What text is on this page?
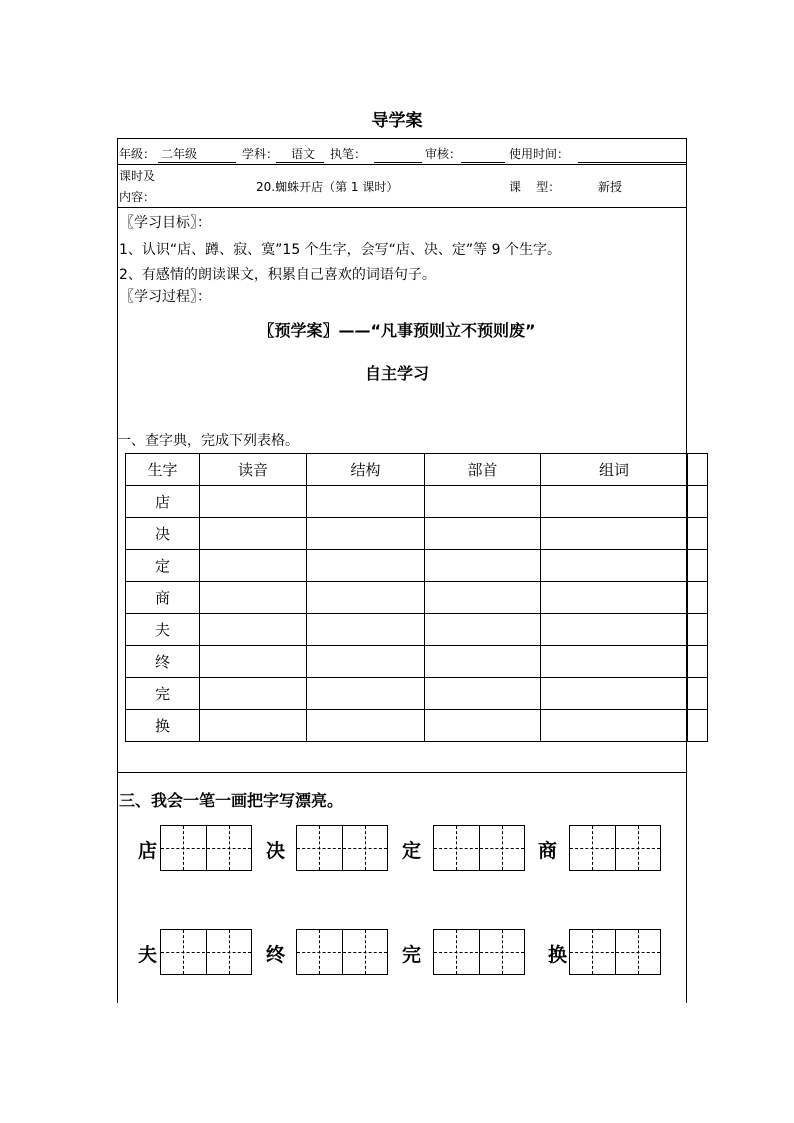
导学案
年级： 二年级	学科： 语文 执笔：	审核：	使用时间：
课时及
内容：
20.蜘蛛开店（第 1 课时）	课    型：	新授
〖学习目标〗：
1、认识“店、蹲、寂、寞”15 个生字，会写“店、决、定”等 9 个生字。
2、有感情的朗读课文，积累自己喜欢的词语句子。
〖学习过程〗：
〖预学案〗——“凡事预则立不预则废”
自主学习
一、查字典，完成下列表格。
生字	读音	结构	部首	组词	
店					
决					
定					
商					
夫					
终					
完					
换					
三、我会一笔一画把字写漂亮。
店	决	定	商
夫	终	完	换
